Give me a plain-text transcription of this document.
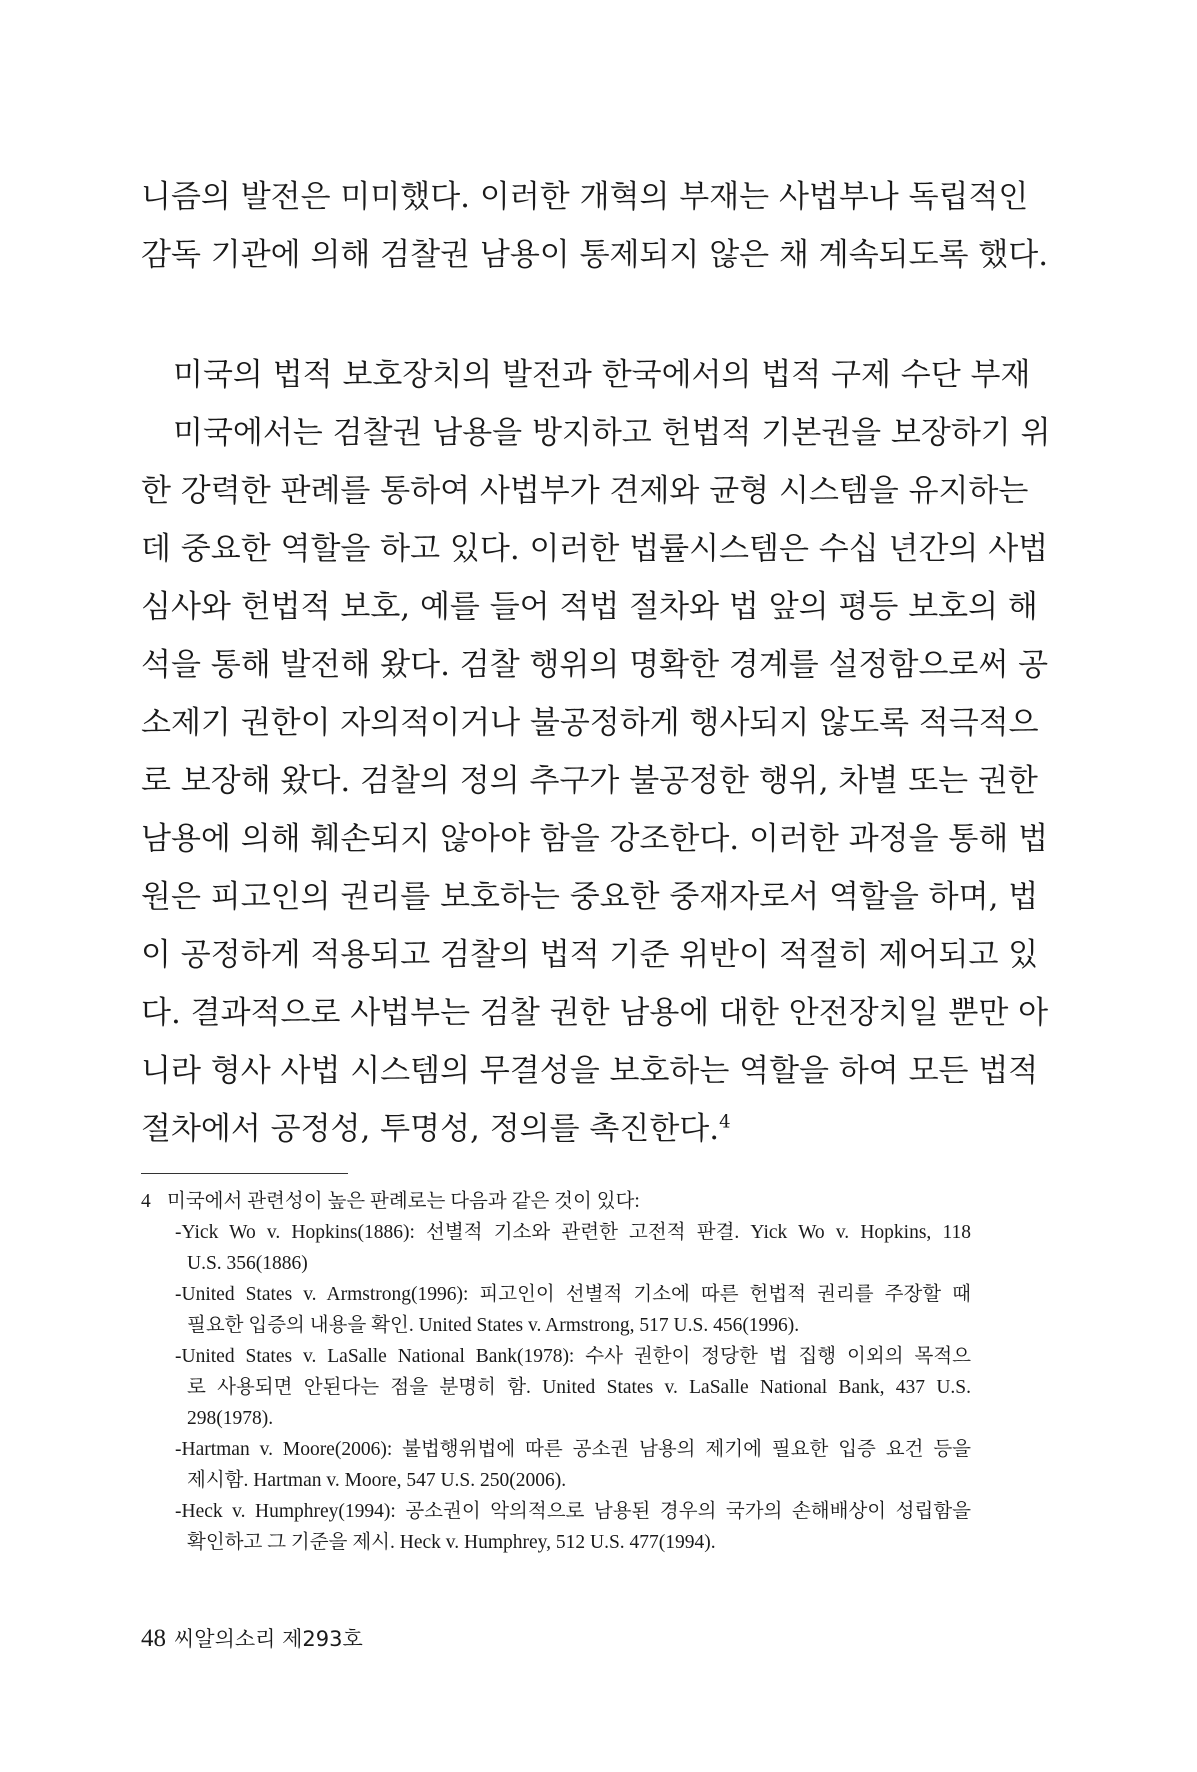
니즘의 발전은 미미했다. 이러한 개혁의 부재는 사법부나 독립적인
감독 기관에 의해 검찰권 남용이 통제되지 않은 채 계속되도록 했다.
미국의 법적 보호장치의 발전과 한국에서의 법적 구제 수단 부재
미국에서는 검찰권 남용을 방지하고 헌법적 기본권을 보장하기 위
한 강력한 판례를 통하여 사법부가 견제와 균형 시스템을 유지하는
데 중요한 역할을 하고 있다. 이러한 법률시스템은 수십 년간의 사법
심사와 헌법적 보호, 예를 들어 적법 절차와 법 앞의 평등 보호의 해
석을 통해 발전해 왔다. 검찰 행위의 명확한 경계를 설정함으로써 공
소제기 권한이 자의적이거나 불공정하게 행사되지 않도록 적극적으
로 보장해 왔다. 검찰의 정의 추구가 불공정한 행위, 차별 또는 권한
남용에 의해 훼손되지 않아야 함을 강조한다. 이러한 과정을 통해 법
원은 피고인의 권리를 보호하는 중요한 중재자로서 역할을 하며, 법
이 공정하게 적용되고 검찰의 법적 기준 위반이 적절히 제어되고 있
다. 결과적으로 사법부는 검찰 권한 남용에 대한 안전장치일 뿐만 아
니라 형사 사법 시스템의 무결성을 보호하는 역할을 하여 모든 법적
절차에서 공정성, 투명성, 정의를 촉진한다.$^4$
4 미국에서 관련성이 높은 판례로는 다음과 같은 것이 있다:
-Yick Wo v. Hopkins(1886): 선별적 기소와 관련한 고전적 판결. Yick Wo v. Hopkins, 118
U.S. 356(1886)
-United States v. Armstrong(1996): 피고인이 선별적 기소에 따른 헌법적 권리를 주장할 때
필요한 입증의 내용을 확인. United States v. Armstrong, 517 U.S. 456(1996).
-United States v. LaSalle National Bank(1978): 수사 권한이 정당한 법 집행 이외의 목적으
로 사용되면 안된다는 점을 분명히 함. United States v. LaSalle National Bank, 437 U.S.
298(1978).
-Hartman v. Moore(2006): 불법행위법에 따른 공소권 남용의 제기에 필요한 입증 요건 등을
제시함. Hartman v. Moore, 547 U.S. 250(2006).
-Heck v. Humphrey(1994): 공소권이 악의적으로 남용된 경우의 국가의 손해배상이 성립함을
확인하고 그 기준을 제시. Heck v. Humphrey, 512 U.S. 477(1994).
48 씨알의소리 제293호
